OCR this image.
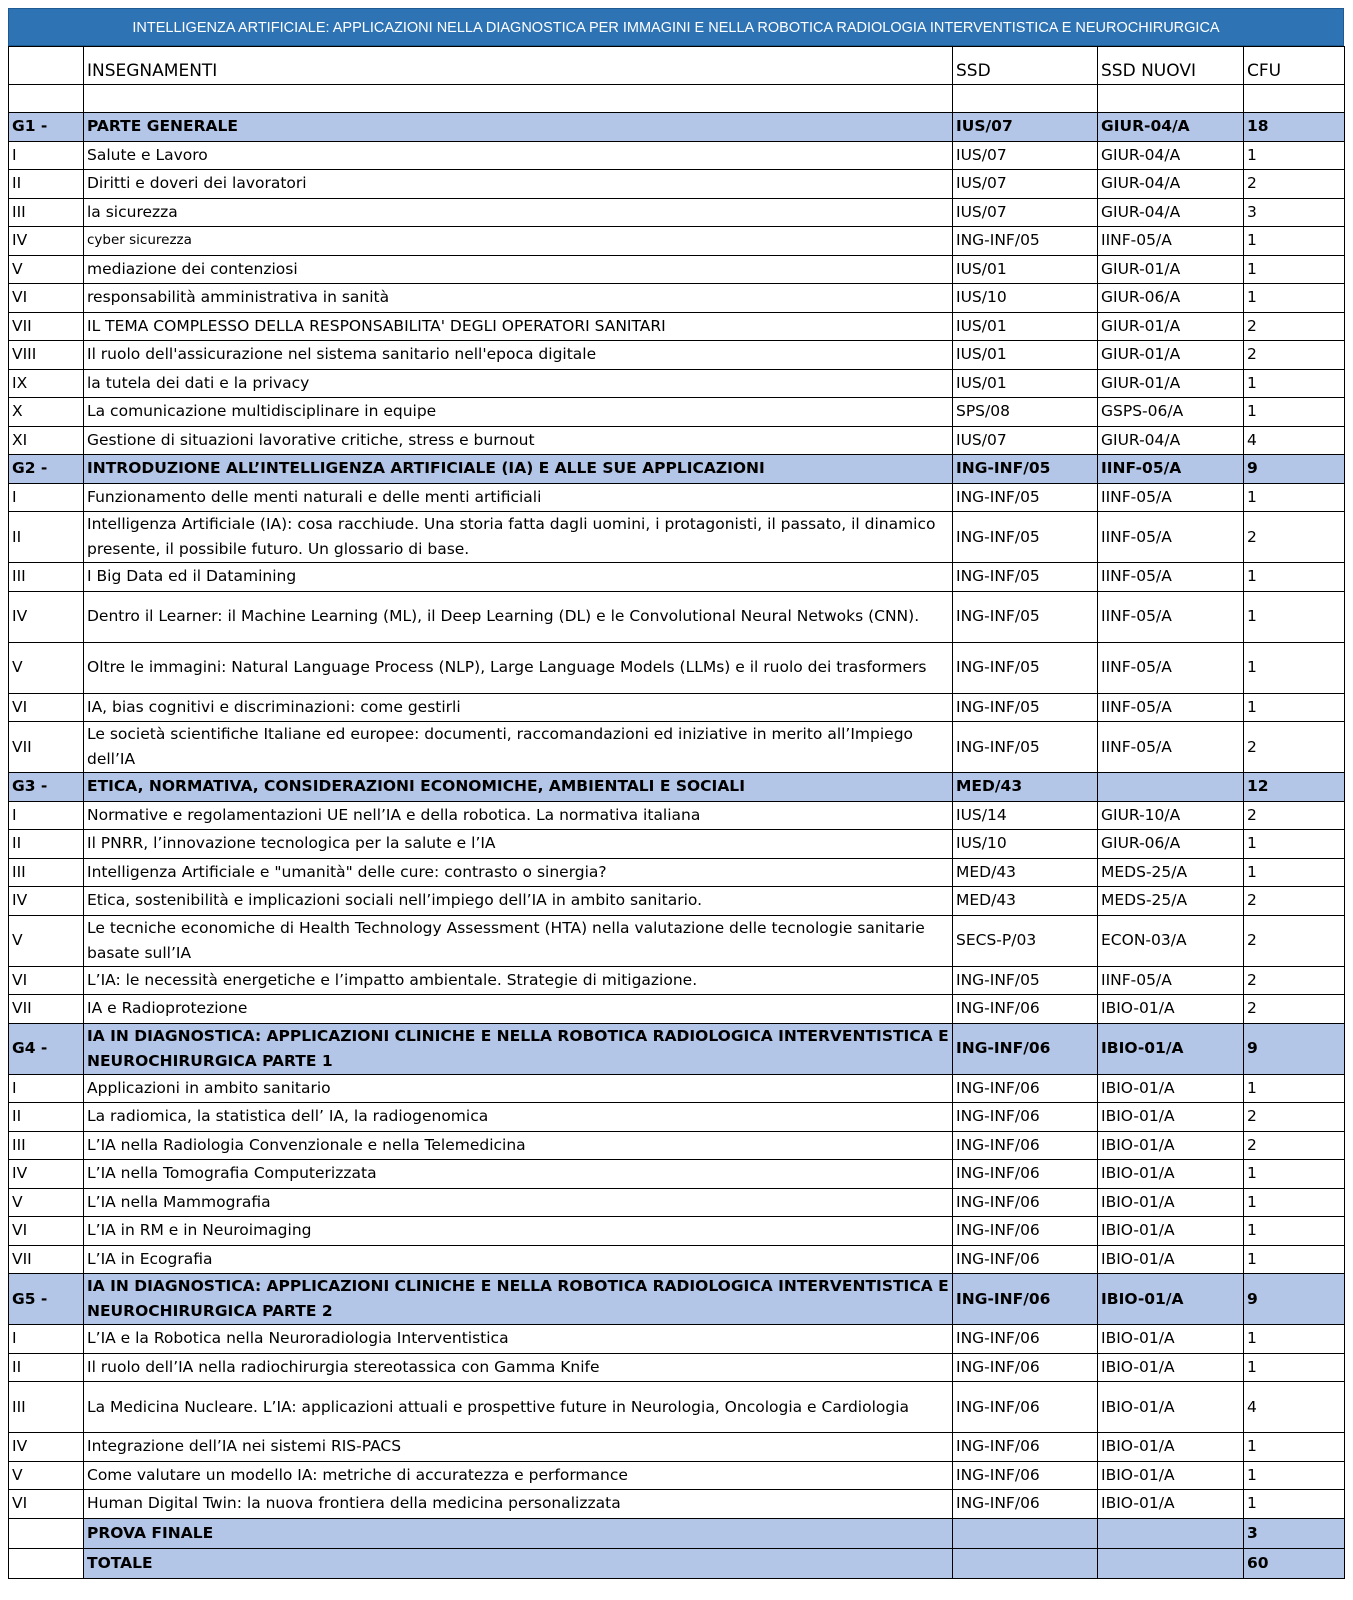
INTELLIGENZA ARTIFICIALE: APPLICAZIONI NELLA DIAGNOSTICA PER IMMAGINI E NELLA ROBOTICA RADIOLOGIA INTERVENTISTICA E NEUROCHIRURGICA
	INSEGNAMENTI	SSD	SSD NUOVI	CFU

G1 -	PARTE GENERALE	IUS/07	GIUR-04/A	18
I	Salute e Lavoro	IUS/07	GIUR-04/A	1
II	Diritti e doveri dei lavoratori	IUS/07	GIUR-04/A	2
III	la sicurezza	IUS/07	GIUR-04/A	3
IV	cyber sicurezza	ING-INF/05	IINF-05/A	1
V	mediazione dei contenziosi	IUS/01	GIUR-01/A	1
VI	responsabilità amministrativa in sanità	IUS/10	GIUR-06/A	1
VII	IL TEMA COMPLESSO DELLA RESPONSABILITA' DEGLI OPERATORI SANITARI	IUS/01	GIUR-01/A	2
VIII	Il ruolo dell'assicurazione nel sistema sanitario nell'epoca digitale	IUS/01	GIUR-01/A	2
IX	la tutela dei dati e la privacy	IUS/01	GIUR-01/A	1
X	La comunicazione multidisciplinare in equipe	SPS/08	GSPS-06/A	1
XI	Gestione di situazioni lavorative critiche, stress e burnout	IUS/07	GIUR-04/A	4
G2 -	INTRODUZIONE ALL’INTELLIGENZA ARTIFICIALE (IA) E ALLE SUE APPLICAZIONI	ING-INF/05	IINF-05/A	9
I	Funzionamento delle menti naturali e delle menti artificiali	ING-INF/05	IINF-05/A	1
II	Intelligenza Artificiale (IA): cosa racchiude. Una storia fatta dagli uomini, i protagonisti, il passato, il dinamico presente, il possibile futuro. Un glossario di base.	ING-INF/05	IINF-05/A	2
III	I Big Data ed il Datamining	ING-INF/05	IINF-05/A	1
IV	Dentro il Learner: il Machine Learning (ML), il Deep Learning (DL) e le Convolutional Neural Netwoks (CNN).	ING-INF/05	IINF-05/A	1
V	Oltre le immagini: Natural Language Process (NLP), Large Language Models (LLMs) e il ruolo dei trasformers	ING-INF/05	IINF-05/A	1
VI	IA, bias cognitivi e discriminazioni: come gestirli	ING-INF/05	IINF-05/A	1
VII	Le società scientifiche Italiane ed europee: documenti, raccomandazioni ed iniziative in merito all’Impiego dell’IA	ING-INF/05	IINF-05/A	2
G3 -	ETICA, NORMATIVA, CONSIDERAZIONI ECONOMICHE, AMBIENTALI E SOCIALI	MED/43		12
I	Normative e regolamentazioni UE nell’IA e della robotica. La normativa italiana	IUS/14	GIUR-10/A	2
II	Il PNRR, l’innovazione tecnologica per la salute e l’IA	IUS/10	GIUR-06/A	1
III	Intelligenza Artificiale e "umanità" delle cure: contrasto o sinergia?	MED/43	MEDS-25/A	1
IV	Etica, sostenibilità e implicazioni sociali nell’impiego dell’IA in ambito sanitario.	MED/43	MEDS-25/A	2
V	Le tecniche economiche di Health Technology Assessment (HTA) nella valutazione delle tecnologie sanitarie basate sull’IA	SECS-P/03	ECON-03/A	2
VI	L’IA: le necessità energetiche e l’impatto ambientale. Strategie di mitigazione.	ING-INF/05	IINF-05/A	2
VII	IA e Radioprotezione	ING-INF/06	IBIO-01/A	2
G4 -	IA IN DIAGNOSTICA: APPLICAZIONI CLINICHE E NELLA ROBOTICA RADIOLOGICA INTERVENTISTICA E NEUROCHIRURGICA PARTE 1	ING-INF/06	IBIO-01/A	9
I	Applicazioni in ambito sanitario	ING-INF/06	IBIO-01/A	1
II	La radiomica, la statistica dell’ IA, la radiogenomica	ING-INF/06	IBIO-01/A	2
III	L’IA nella Radiologia Convenzionale e nella Telemedicina	ING-INF/06	IBIO-01/A	2
IV	L’IA nella Tomografia Computerizzata	ING-INF/06	IBIO-01/A	1
V	L’IA nella Mammografia	ING-INF/06	IBIO-01/A	1
VI	L’IA in RM e in Neuroimaging	ING-INF/06	IBIO-01/A	1
VII	L’IA in Ecografia	ING-INF/06	IBIO-01/A	1
G5 -	IA IN DIAGNOSTICA: APPLICAZIONI CLINICHE E NELLA ROBOTICA RADIOLOGICA INTERVENTISTICA E NEUROCHIRURGICA PARTE 2	ING-INF/06	IBIO-01/A	9
I	L’IA e la Robotica nella Neuroradiologia Interventistica	ING-INF/06	IBIO-01/A	1
II	Il ruolo dell’IA nella radiochirurgia stereotassica con Gamma Knife	ING-INF/06	IBIO-01/A	1
III	La Medicina Nucleare. L’IA: applicazioni attuali e prospettive future in Neurologia, Oncologia e Cardiologia	ING-INF/06	IBIO-01/A	4
IV	Integrazione dell’IA nei sistemi RIS-PACS	ING-INF/06	IBIO-01/A	1
V	Come valutare un modello IA: metriche di accuratezza e performance	ING-INF/06	IBIO-01/A	1
VI	Human Digital Twin: la nuova frontiera della medicina personalizzata	ING-INF/06	IBIO-01/A	1
	PROVA FINALE			3
	TOTALE			60
